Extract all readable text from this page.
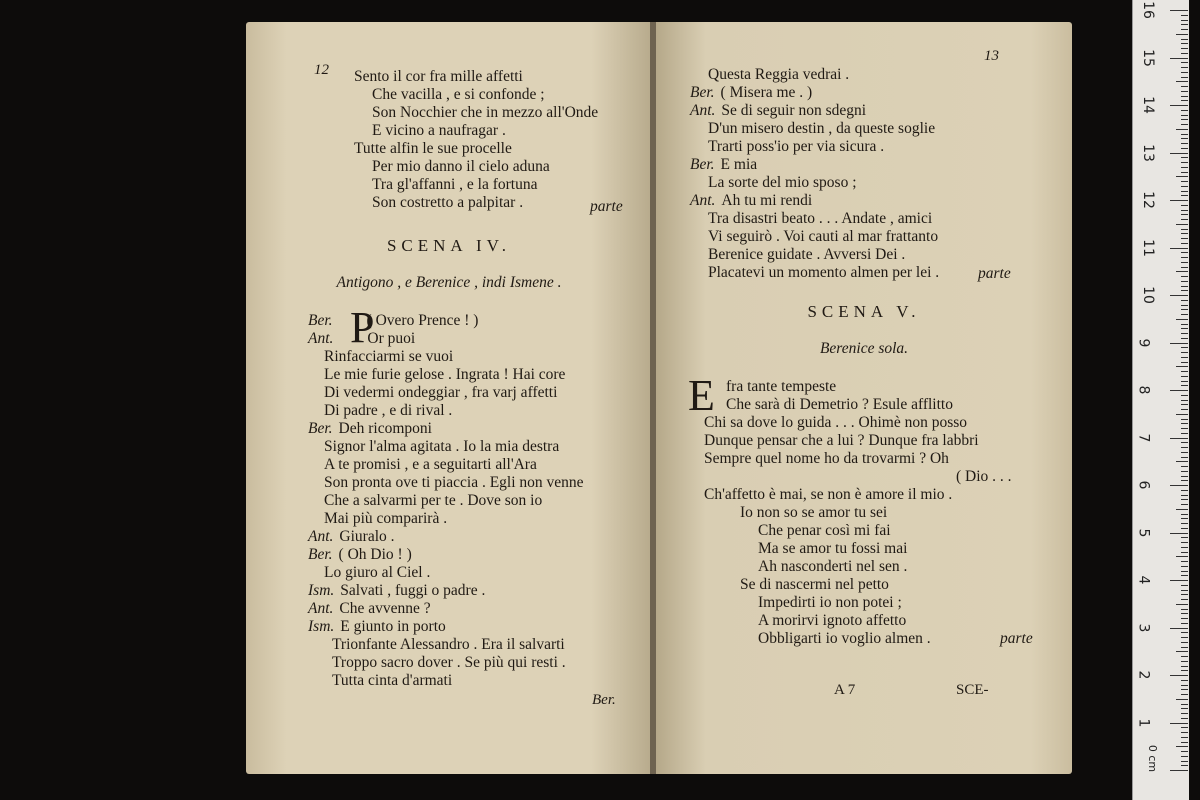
12 Sento il cor fra mille affetti
Che vacilla , e si confonde ;
Son Nocchier che in mezzo all'Onde
E vicino a naufragar .
Tutte alfin le sue procelle
Per mio danno il cielo aduna
Tra gl'affanni , e la fortuna
Son costretto a palpitar .	parte
SCENA IV.
Antigono , e Berenice , indi Ismene .
P
Ber. ( Overo Prence ! )
Ant. Or puoi
Rinfacciarmi se vuoi
Le mie furie gelose . Ingrata ! Hai core
Di vedermi ondeggiar , fra varj affetti
Di padre , e di rival .
Ber. Deh ricomponi
Signor l'alma agitata . Io la mia destra
A te promisi , e a seguitarti all'Ara
Son pronta ove ti piaccia . Egli non venne
Che a salvarmi per te . Dove son io
Mai più comparirà .
Ant. Giuralo .
Ber. ( Oh Dio ! )
Lo giuro al Ciel .
Ism. Salvati , fuggi o padre .
Ant. Che avvenne ?
Ism. E giunto in porto
Trionfante Alessandro . Era il salvarti
Troppo sacro dover . Se più qui resti .
Tutta cinta d'armati
Ber.
13
Questa Reggia vedrai .
Ber. ( Misera me . )
Ant. Se di seguir non sdegni
D'un misero destin , da queste soglie
Trarti poss'io per via sicura .
Ber. E mia
La sorte del mio sposo ;
Ant. Ah tu mi rendi
Tra disastri beato . . . Andate , amici
Vi seguirò . Voi cauti al mar frattanto
Berenice guidate . Avversi Dei .
Placatevi un momento almen per lei .	parte
SCENA V.
Berenice sola.
E fra tante tempeste
Che sarà di Demetrio ? Esule afflitto
Chi sa dove lo guida . . . Ohimè non posso
Dunque pensar che a lui ? Dunque fra labbri
Sempre quel nome ho da trovarmi ? Oh
( Dio . . .
Ch'affetto è mai, se non è amore il mio .
Io non so se amor tu sei
Che penar così mi fai
Ma se amor tu fossi mai
Ah nasconderti nel sen .
Se di nascermi nel petto
Impedirti io non potei ;
A morirvi ignoto affetto
Obbligarti io voglio almen .	parte
A 7	SCE-
0 cm
1
2
3
4
5
6
7
8
9
10
11
12
13
14
15
16
